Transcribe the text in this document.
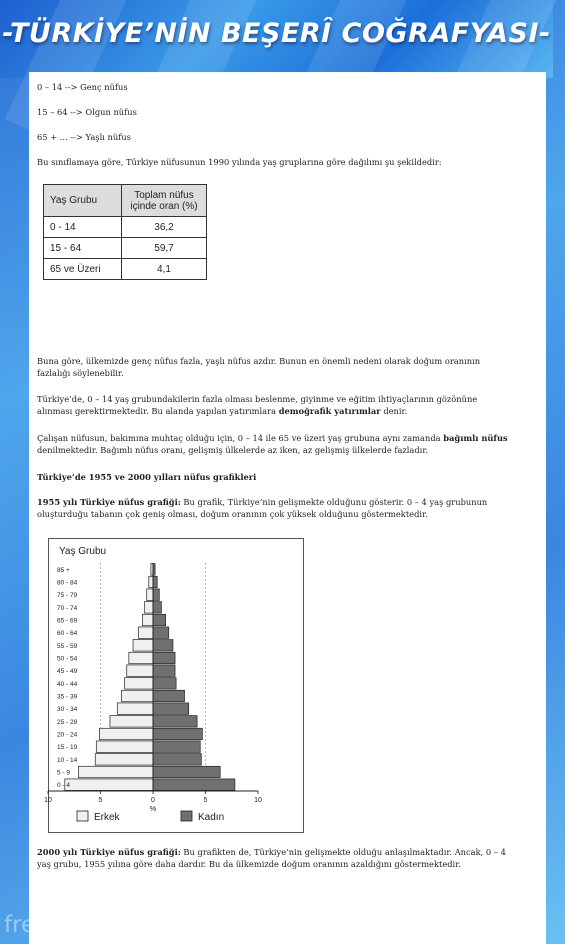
-TÜRKİYE’NİN BEŞERÎ COĞRAFYASI-
0 – 14 --> Genç nüfus
15 – 64 --> Olgun nüfus
65 + ... --> Yaşlı nüfus
Bu sınıflamaya göre, Türkiye nüfusunun 1990 yılında yaş gruplarına göre dağılımı şu şekildedir:
Yaş Grubu	Toplam nüfus
içinde oran (%)
0 - 14	36,2
15 - 64	59,7
65 ve Üzeri	4,1
Buna göre, ülkemizde genç nüfus fazla, yaşlı nüfus azdır. Bunun en önemli nedeni olarak doğum oranının fazlalığı söylenebilir.
Türkiye’de, 0 – 14 yaş grubundakilerin fazla olması beslenme, giyinme ve eğitim ihtiyaçlarının gözönüne alınması gerektirmektedir. Bu alanda yapılan yatırımlara demoğrafik yatırımlar denir.
Çalışan nüfusun, bakımına muhtaç olduğu için, 0 – 14 ile 65 ve üzeri yaş grubuna aynı zamanda bağımlı nüfus denilmektedir. Bağımlı nüfus oranı, gelişmiş ülkelerde az iken, az gelişmiş ülkelerde fazladır.
Türkiye’de 1955 ve 2000 yılları nüfus grafikleri
1955 yılı Türkiye nüfus grafiği: Bu grafik, Türkiye’nin gelişmekte olduğunu gösterir. 0 – 4 yaş grubunun oluşturduğu tabanın çok geniş olması, doğum oranının çok yüksek olduğunu göstermektedir.
Yaş Grubu
85 +
80 - 84
75 - 79
70 - 74
65 - 69
60 - 64
55 - 59
50 - 54
45 - 49
40 - 44
35 - 39
30 - 34
25 - 29
20 - 24
15 - 19
10 - 14
5 - 9
0 - 4
10	5	0	5	10
%
Erkek	Kadın
2000 yılı Türkiye nüfus grafiği: Bu grafikten de, Türkiye’nin gelişmekte olduğu anlaşılmaktadır. Ancak, 0 – 4 yaş grubu, 1955 yılına göre daha dardır. Bu da ülkemizde doğum oranının azaldığını göstermektedir.
free for personal use
